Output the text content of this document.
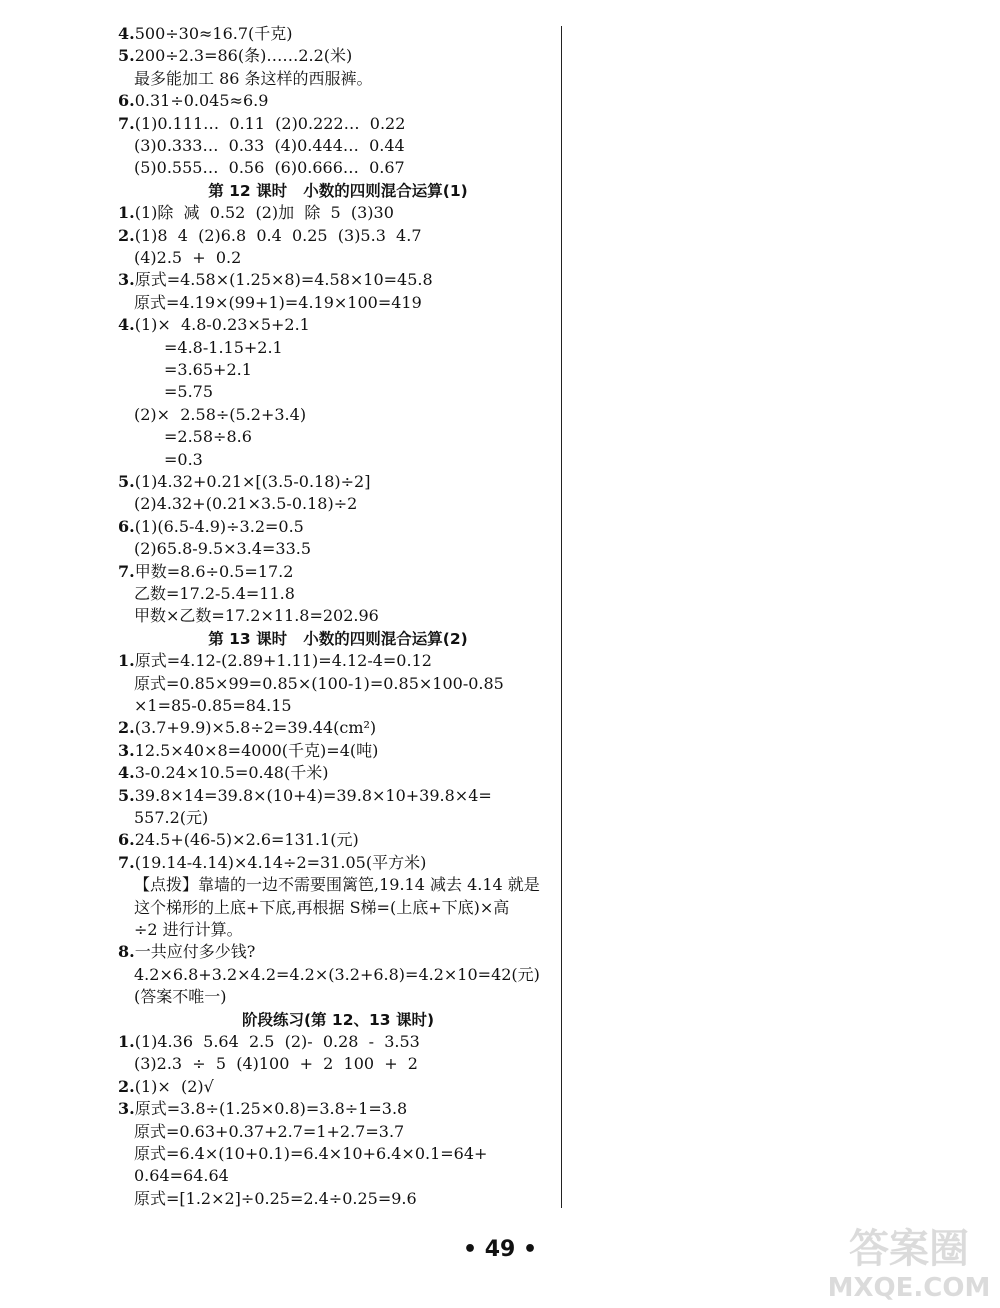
4.500÷30≈16.7(千克)
5.200÷2.3=86(条)……2.2(米)
最多能加工 86 条这样的西服裤。
6.0.31÷0.045≈6.9
7.(1)0.111…  0.11  (2)0.222…  0.22
(3)0.333…  0.33  (4)0.444…  0.44
(5)0.555…  0.56  (6)0.666…  0.67
第 12 课时   小数的四则混合运算(1)
1.(1)除  减  0.52  (2)加  除  5  (3)30
2.(1)8  4  (2)6.8  0.4  0.25  (3)5.3  4.7
(4)2.5  +  0.2
3.原式=4.58×(1.25×8)=4.58×10=45.8
原式=4.19×(99+1)=4.19×100=419
4.(1)×  4.8-0.23×5+2.1
=4.8-1.15+2.1
=3.65+2.1
=5.75
(2)×  2.58÷(5.2+3.4)
=2.58÷8.6
=0.3
5.(1)4.32+0.21×[(3.5-0.18)÷2]
(2)4.32+(0.21×3.5-0.18)÷2
6.(1)(6.5-4.9)÷3.2=0.5
(2)65.8-9.5×3.4=33.5
7.甲数=8.6÷0.5=17.2
乙数=17.2-5.4=11.8
甲数×乙数=17.2×11.8=202.96
第 13 课时   小数的四则混合运算(2)
1.原式=4.12-(2.89+1.11)=4.12-4=0.12
原式=0.85×99=0.85×(100-1)=0.85×100-0.85
×1=85-0.85=84.15
2.(3.7+9.9)×5.8÷2=39.44(cm²)
3.12.5×40×8=4000(千克)=4(吨)
4.3-0.24×10.5=0.48(千米)
5.39.8×14=39.8×(10+4)=39.8×10+39.8×4=
557.2(元)
6.24.5+(46-5)×2.6=131.1(元)
7.(19.14-4.14)×4.14÷2=31.05(平方米)
【点拨】靠墙的一边不需要围篱笆,19.14 减去 4.14 就是
这个梯形的上底+下底,再根据 S梯=(上底+下底)×高
÷2 进行计算。
8.一共应付多少钱?
4.2×6.8+3.2×4.2=4.2×(3.2+6.8)=4.2×10=42(元)
(答案不唯一)
阶段练习(第 12、13 课时)
1.(1)4.36  5.64  2.5  (2)-  0.28  -  3.53
(3)2.3  ÷  5  (4)100  +  2  100  +  2
2.(1)×  (2)√
3.原式=3.8÷(1.25×0.8)=3.8÷1=3.8
原式=0.63+0.37+2.7=1+2.7=3.7
原式=6.4×(10+0.1)=6.4×10+6.4×0.1=64+
0.64=64.64
原式=[1.2×2]÷0.25=2.4÷0.25=9.6
• 49 •	答案圈
MXQE.COM
